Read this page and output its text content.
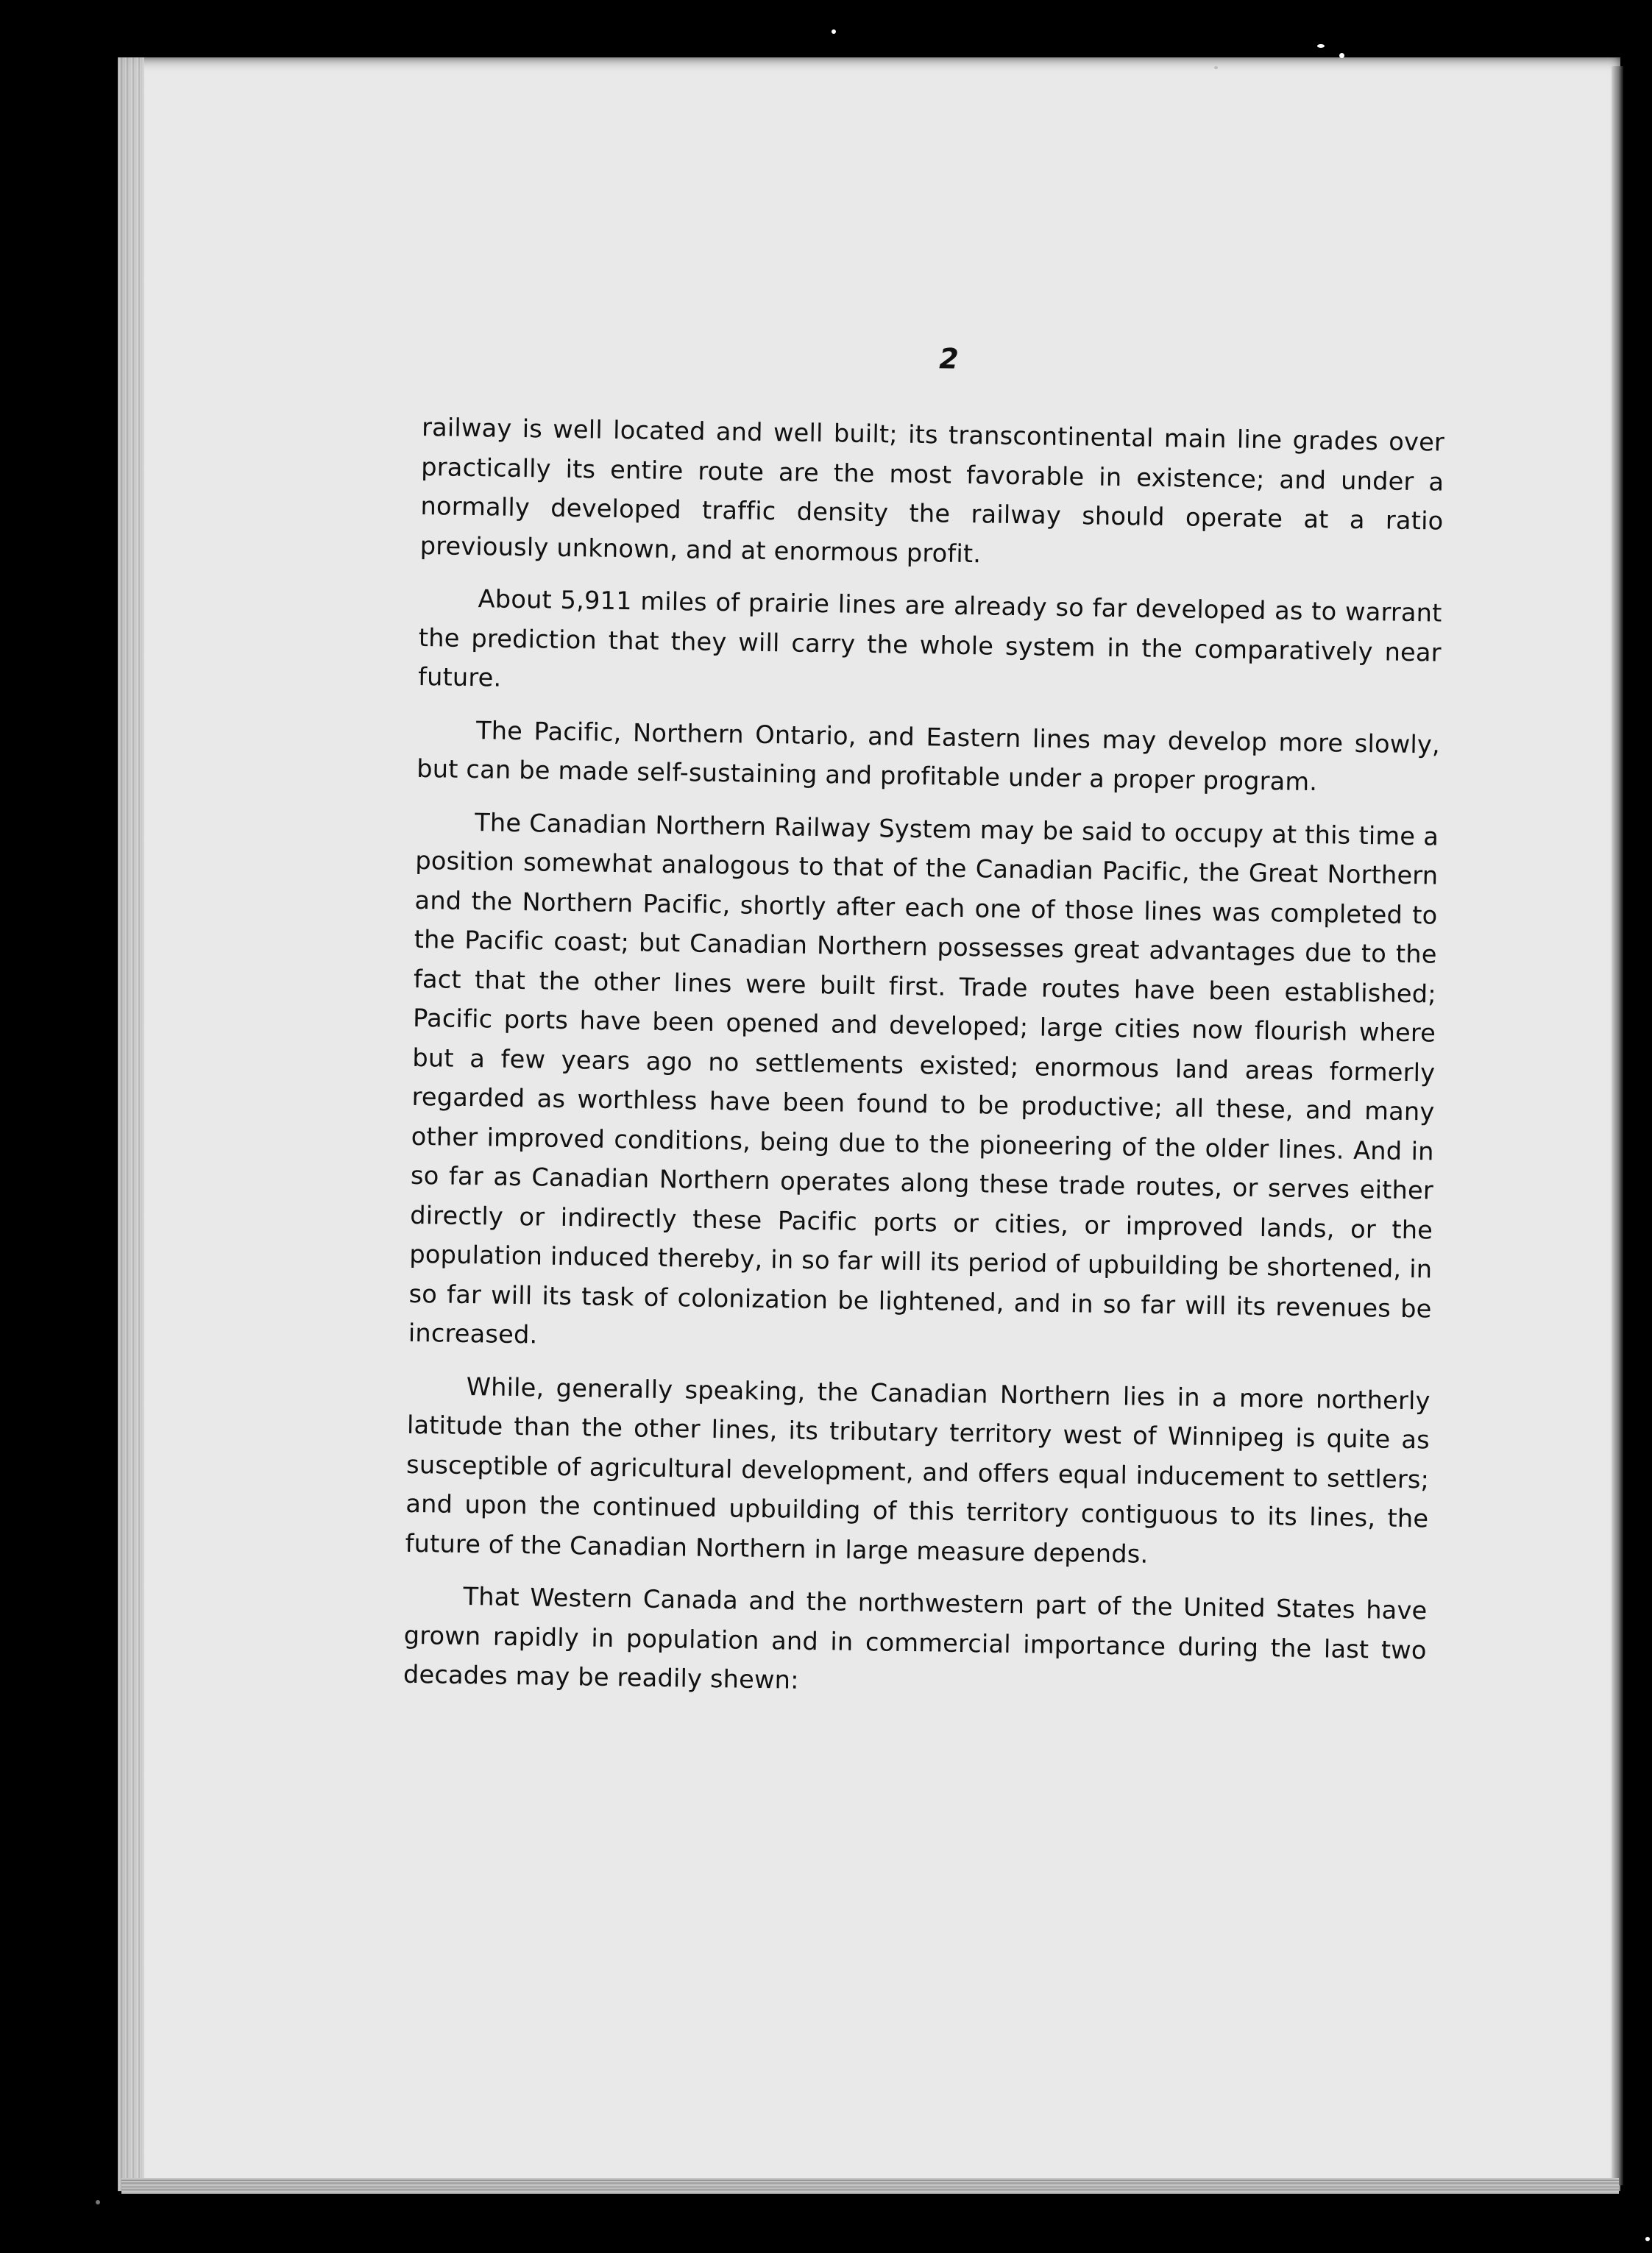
2

railway is well located and well built; its transcontinental main line grades over practically its entire route are the most favorable in existence; and under a normally developed traffic density the railway should operate at a ratio previously unknown, and at enormous profit.

About 5,911 miles of prairie lines are already so far developed as to warrant the prediction that they will carry the whole system in the comparatively near future.

The Pacific, Northern Ontario, and Eastern lines may develop more slowly, but can be made self-sustaining and profitable under a proper program.

The Canadian Northern Railway System may be said to occupy at this time a position somewhat analogous to that of the Canadian Pacific, the Great Northern and the Northern Pacific, shortly after each one of those lines was completed to the Pacific coast; but Canadian Northern possesses great advantages due to the fact that the other lines were built first. Trade routes have been established; Pacific ports have been opened and developed; large cities now flourish where but a few years ago no settlements existed; enormous land areas formerly regarded as worthless have been found to be productive; all these, and many other improved conditions, being due to the pioneering of the older lines. And in so far as Canadian Northern operates along these trade routes, or serves either directly or indirectly these Pacific ports or cities, or improved lands, or the population induced thereby, in so far will its period of upbuilding be shortened, in so far will its task of colonization be lightened, and in so far will its revenues be increased.

While, generally speaking, the Canadian Northern lies in a more northerly latitude than the other lines, its tributary territory west of Winnipeg is quite as susceptible of agricultural development, and offers equal inducement to settlers; and upon the continued upbuilding of this territory contiguous to its lines, the future of the Canadian Northern in large measure depends.

That Western Canada and the northwestern part of the United States have grown rapidly in population and in commercial importance during the last two decades may be readily shewn:
